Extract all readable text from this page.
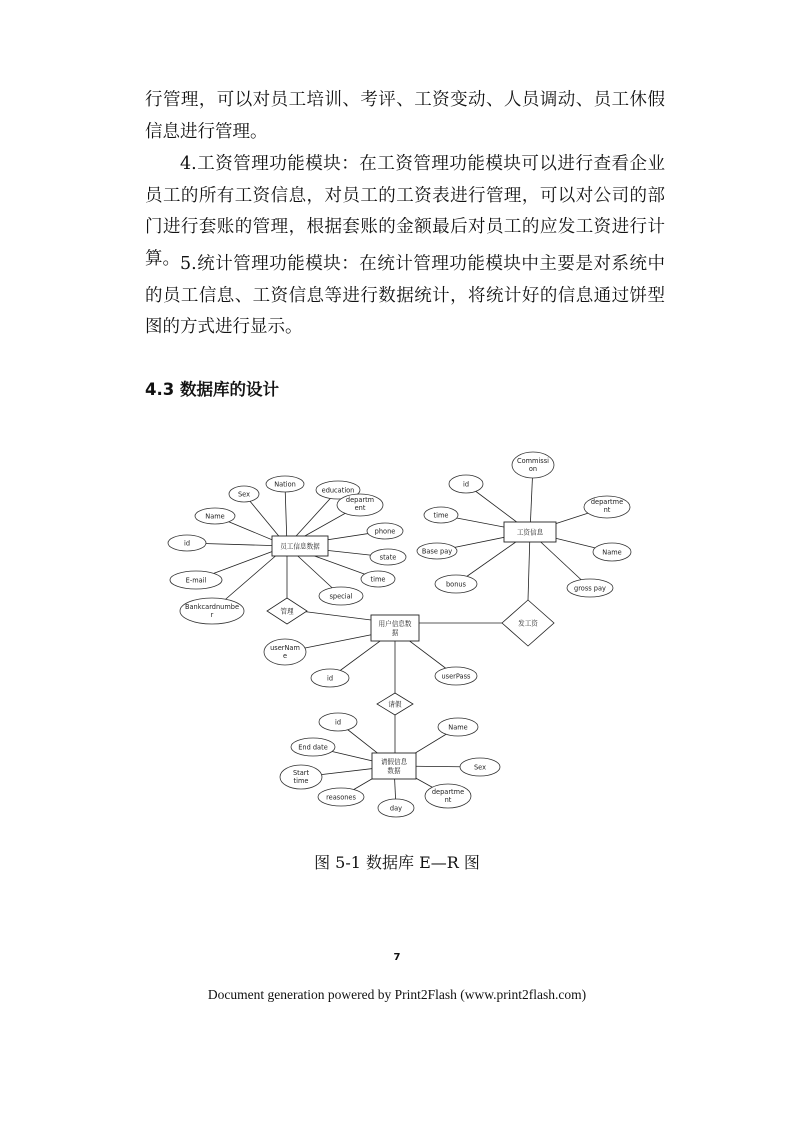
行管理，可以对员工培训、考评、工资变动、人员调动、员工休假信息进行管理。

4.工资管理功能模块：在工资管理功能模块可以进行查看企业员工的所有工资信息，对员工的工资表进行管理，可以对公司的部门进行套账的管理，根据套账的金额最后对员工的应发工资进行计算。 5.统计管理功能模块：在统计管理功能模块中主要是对系统中的员工信息、工资信息等进行数据统计，将统计好的信息通过饼型图的方式进行显示。

4.3 数据库的设计
Sex
Nation
education
departm
ent
Name
phone
id
state
time
E-mail
special
Bankcardnumbe
r
员工信息数据
管理
Commissi
on
id
departme
nt
time
Base pay	Name
bonus	gross pay
工资信息
发工资
userNam
e
id	userPass
用户信息数
据
请假
id
Name
End date
Start
time
Sex
reasones
departme
nt
day
请假信息
数据

图 5-1 数据库 E—R 图

7
Document generation powered by Print2Flash (www.print2flash.com)
